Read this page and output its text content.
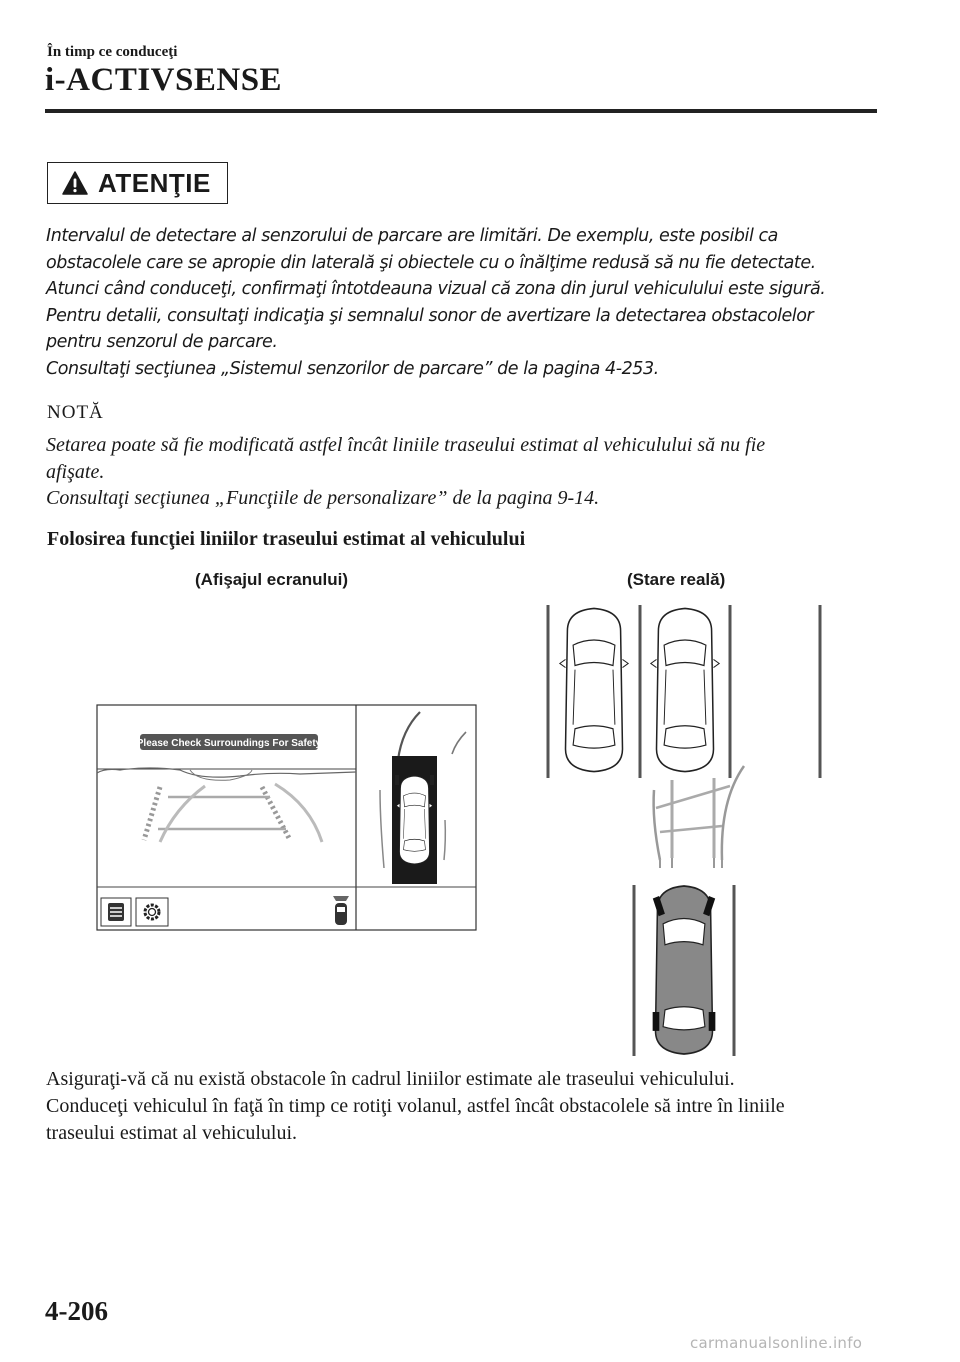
În timp ce conduceţi
i-ACTIVSENSE
ATENŢIE

Intervalul de detectare al senzorului de parcare are limitări. De exemplu, este posibil ca

obstacolele care se apropie din laterală şi obiectele cu o înălţime redusă să nu fie detectate.

Atunci când conduceţi, confirmaţi întotdeauna vizual că zona din jurul vehiculului este sigură.

Pentru detalii, consultaţi indicaţia şi semnalul sonor de avertizare la detectarea obstacolelor

pentru senzorul de parcare.

Consultaţi secţiunea „Sistemul senzorilor de parcare” de la pagina 4-253.

NOTĂ

Setarea poate să fie modificată astfel încât liniile traseului estimat al vehiculului să nu fie

afişate.

Consultaţi secţiunea „Funcţiile de personalizare” de la pagina 9-14.

Folosirea funcţiei liniilor traseului estimat al vehiculului
(Afişajul ecranului)	(Stare reală)
Please Check Surroundings For Safety

Asiguraţi-vă că nu există obstacole în cadrul liniilor estimate ale traseului vehiculului.

Conduceţi vehiculul în faţă în timp ce rotiţi volanul, astfel încât obstacolele să intre în liniile

traseului estimat al vehiculului.

4-206
carmanualsonline.info
